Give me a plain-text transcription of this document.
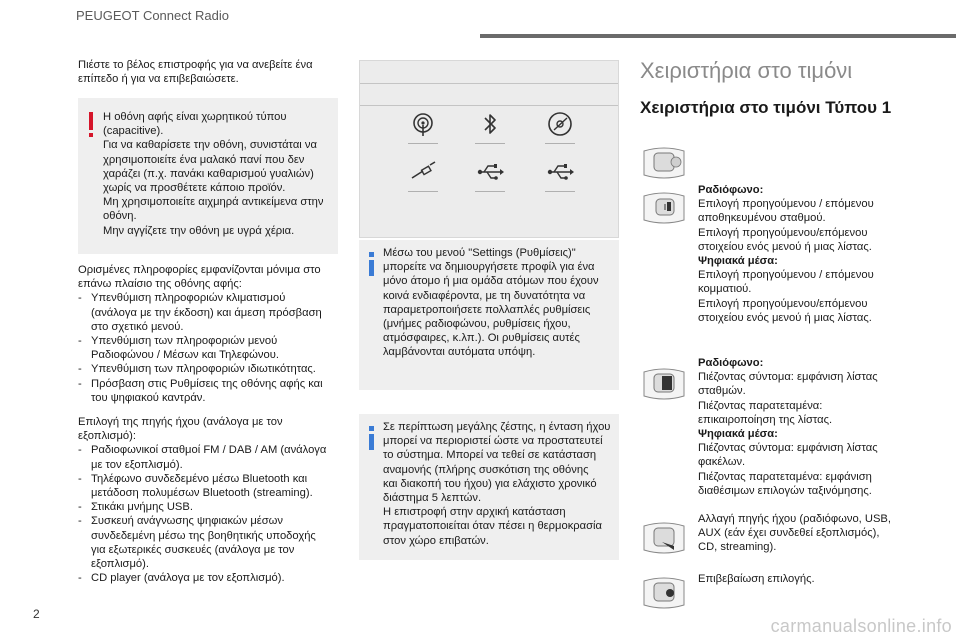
PEUGEOT Connect Radio
Πιέστε το βέλος επιστροφής για να ανεβείτε ένα
επίπεδο ή για να επιβεβαιώσετε.
Η οθόνη αφής είναι χωρητικού τύπου
(capacitive).
Για να καθαρίσετε την οθόνη, συνιστάται να
χρησιμοποιείτε ένα μαλακό πανί που δεν
χαράζει (π.χ. πανάκι καθαρισμού γυαλιών)
χωρίς να προσθέτετε κάποιο προϊόν.
Μη χρησιμοποιείτε αιχμηρά αντικείμενα στην
οθόνη.
Μην αγγίζετε την οθόνη με υγρά χέρια.
Ορισμένες πληροφορίες εμφανίζονται μόνιμα στο
επάνω πλαίσιο της οθόνης αφής:
- Υπενθύμιση πληροφοριών κλιματισμού
(ανάλογα με την έκδοση) και άμεση πρόσβαση
στο σχετικό μενού.
- Υπενθύμιση των πληροφοριών μενού
Ραδιοφώνου / Μέσων και Τηλεφώνου.
- Υπενθύμιση των πληροφοριών ιδιωτικότητας.
- Πρόσβαση στις Ρυθμίσεις της οθόνης αφής και
του ψηφιακού καντράν.
Επιλογή της πηγής ήχου (ανάλογα με τον
εξοπλισμό):
- Ραδιοφωνικοί σταθμοί FM / DAB / AM (ανάλογα
με τον εξοπλισμό).
- Τηλέφωνο συνδεδεμένο μέσω Bluetooth και
μετάδοση πολυμέσων Bluetooth (streaming).
- Στικάκι μνήμης USB.
- Συσκευή ανάγνωσης ψηφιακών μέσων
συνδεδεμένη μέσω της βοηθητικής υποδοχής
για εξωτερικές συσκευές (ανάλογα με τον
εξοπλισμό).
- CD player (ανάλογα με τον εξοπλισμό).
Μέσω του μενού "Settings (Ρυθμίσεις)"
μπορείτε να δημιουργήσετε προφίλ για ένα
μόνο άτομο ή μια ομάδα ατόμων που έχουν
κοινά ενδιαφέροντα, με τη δυνατότητα να
παραμετροποιήσετε πολλαπλές ρυθμίσεις
(μνήμες ραδιοφώνου, ρυθμίσεις ήχου,
ατμόσφαιρες, κ.λπ.). Οι ρυθμίσεις αυτές
λαμβάνονται αυτόματα υπόψη.
Σε περίπτωση μεγάλης ζέστης, η ένταση ήχου
μπορεί να περιοριστεί ώστε να προστατευτεί
το σύστημα. Μπορεί να τεθεί σε κατάσταση
αναμονής (πλήρης συσκότιση της οθόνης
και διακοπή του ήχου) για ελάχιστο χρονικό
διάστημα 5 λεπτών.
Η επιστροφή στην αρχική κατάσταση
πραγματοποιείται όταν πέσει η θερμοκρασία
στον χώρο επιβατών.
Χειριστήρια στο τιμόνι
Χειριστήρια στο τιμόνι Τύπου 1
Ραδιόφωνο:
Επιλογή προηγούμενου / επόμενου
αποθηκευμένου σταθμού.
Επιλογή προηγούμενου/επόμενου
στοιχείου ενός μενού ή μιας λίστας.
Ψηφιακά μέσα:
Επιλογή προηγούμενου / επόμενου
κομματιού.
Επιλογή προηγούμενου/επόμενου
στοιχείου ενός μενού ή μιας λίστας.
Ραδιόφωνο:
Πιέζοντας σύντομα: εμφάνιση λίστας
σταθμών.
Πιέζοντας παρατεταμένα:
επικαιροποίηση της λίστας.
Ψηφιακά μέσα:
Πιέζοντας σύντομα: εμφάνιση λίστας
φακέλων.
Πιέζοντας παρατεταμένα: εμφάνιση
διαθέσιμων επιλογών ταξινόμησης.
Αλλαγή πηγής ήχου (ραδιόφωνο, USB,
AUX (εάν έχει συνδεθεί εξοπλισμός),
CD, streaming).
Επιβεβαίωση επιλογής.
2
carmanualsonline.info
